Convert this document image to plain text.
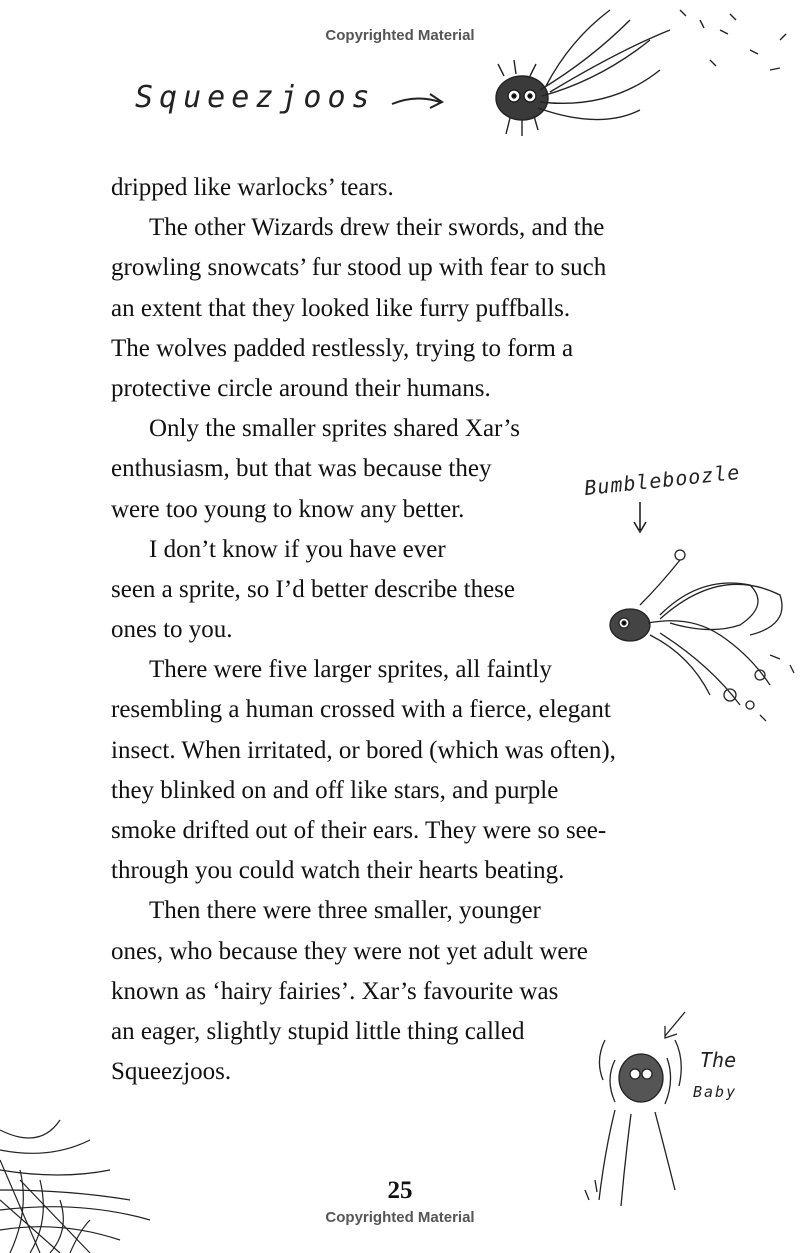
Copyrighted Material
Squeezjoos
Bumbleboozle
The
Baby
dripped like warlocks’ tears.
The other Wizards drew their swords, and the
growling snowcats’ fur stood up with fear to such
an extent that they looked like furry puffballs.
The wolves padded restlessly, trying to form a
protective circle around their humans.
Only the smaller sprites shared Xar’s
enthusiasm, but that was because they
were too young to know any better.
I don’t know if you have ever
seen a sprite, so I’d better describe these
ones to you.
There were five larger sprites, all faintly
resembling a human crossed with a fierce, elegant
insect. When irritated, or bored (which was often),
they blinked on and off like stars, and purple
smoke drifted out of their ears. They were so see-
through you could watch their hearts beating.
Then there were three smaller, younger
ones, who because they were not yet adult were
known as ‘hairy fairies’. Xar’s favourite was
an eager, slightly stupid little thing called
Squeezjoos.
25
Copyrighted Material
